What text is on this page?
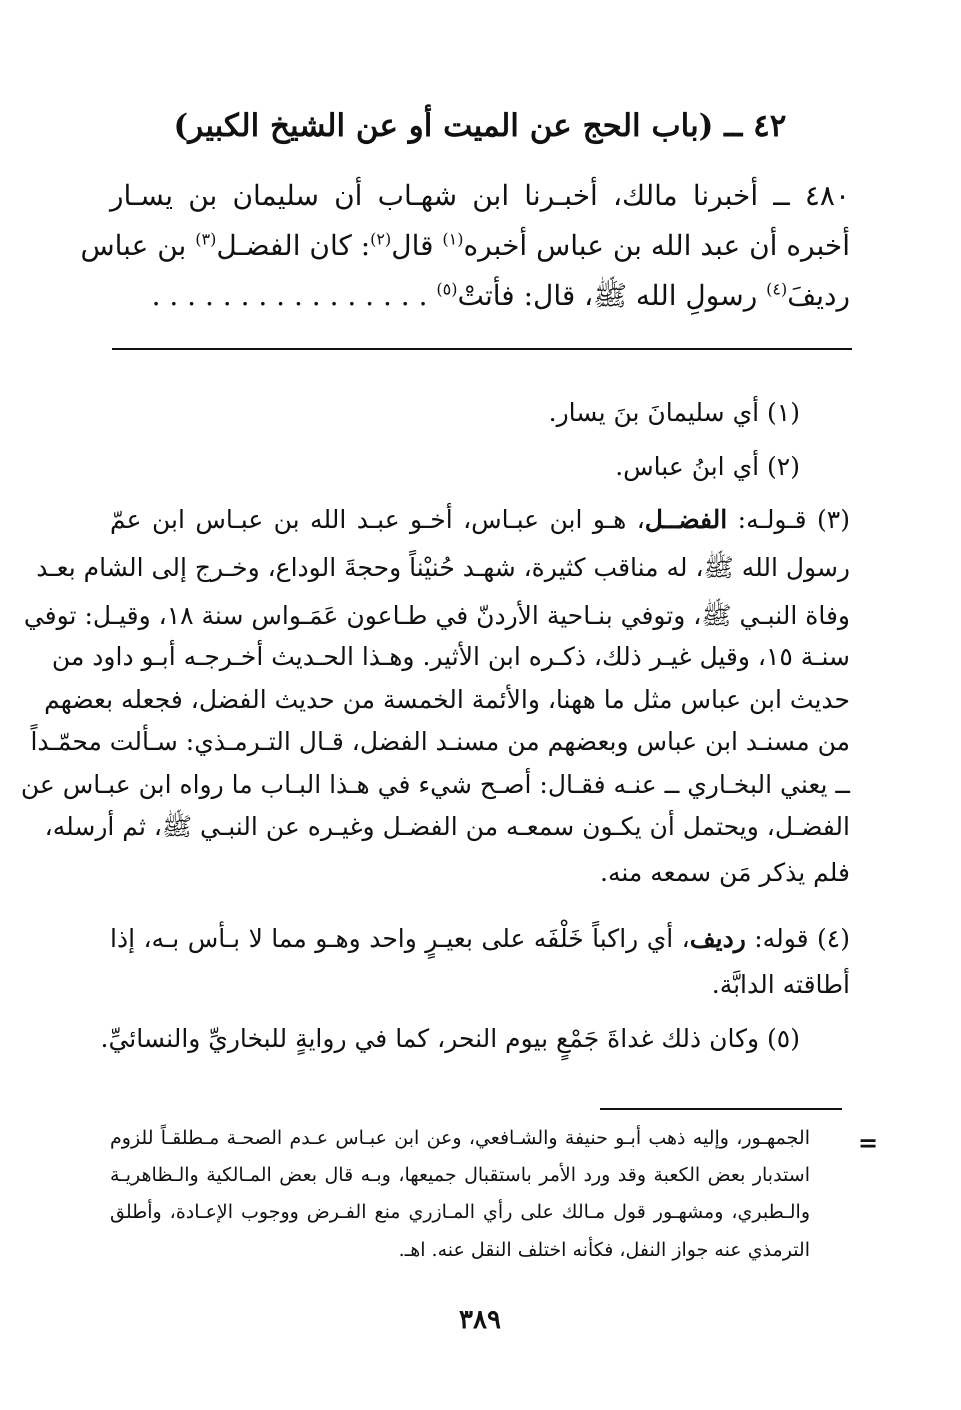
٤٢ ــ (باب الحج عن الميت أو عن الشيخ الكبير)
٤٨٠ ــ أخبرنا مالك، أخبـرنا ابن شهـاب أن سليمان بن يسـار
أخبره أن عبد الله بن عباس أخبره$^{(١)}$ قال$^{(٢)}$: كان الفضـل$^{(٣)}$ بن عباس
رديفَ$^{(٤)}$ رسولِ الله ﷺ، قال: فأتتْ$^{(٥)}$ . . . . . . . . . . . . . . . .
(١) أي سليمانَ بنَ يسار.
(٢) أي ابنُ عباس.
(٣) قـولـه: الفضــل، هـو ابن عبـاس، أخـو عبـد الله بن عبـاس ابن عمّ
رسول الله ﷺ، له مناقب كثيرة، شهـد حُنيْناً وحجةَ الوداع، وخـرج إلى الشام بعـد
وفاة النبـي ﷺ، وتوفي بنـاحية الأردنّ في طـاعون عَمَـواس سنة ١٨، وقيـل: توفي
سنـة ١٥، وقيل غيـر ذلك، ذكـره ابن الأثير. وهـذا الحـديث أخـرجـه أبـو داود من
حديث ابن عباس مثل ما ههنا، والأئمة الخمسة من حديث الفضل، فجعله بعضهم
من مسنـد ابن عباس وبعضهم من مسنـد الفضل، قـال التـرمـذي: سـألت محمّـداً
ــ يعني البخـاري ــ عنـه فقـال: أصـح شيء في هـذا البـاب ما رواه ابن عبـاس عن
الفضـل، ويحتمل أن يكـون سمعـه من الفضـل وغيـره عن النبـي ﷺ، ثم أرسله،
فلم يذكر مَن سمعه منه.
(٤) قوله: رديف، أي راكباً خَلْفَه على بعيـرٍ واحد وهـو مما لا بـأس بـه، إذا
أطاقته الدابَّة.
(٥) وكان ذلك غداةَ جَمْعٍ بيوم النحر، كما في روايةٍ للبخاريِّ والنسائيِّ.
=
الجمهـور، وإليه ذهب أبـو حنيفة والشـافعي، وعن ابن عبـاس عـدم الصحـة مـطلقـاً للزوم
استدبار بعض الكعبة وقد ورد الأمر باستقبال جميعها، وبـه قال بعض المـالكية والـظاهريـة
والـطبري، ومشهـور قول مـالك على رأي المـازري منع الفـرض ووجوب الإعـادة، وأطلق
الترمذي عنه جواز النفل، فكأنه اختلف النقل عنه. اهـ.
٣٨٩
